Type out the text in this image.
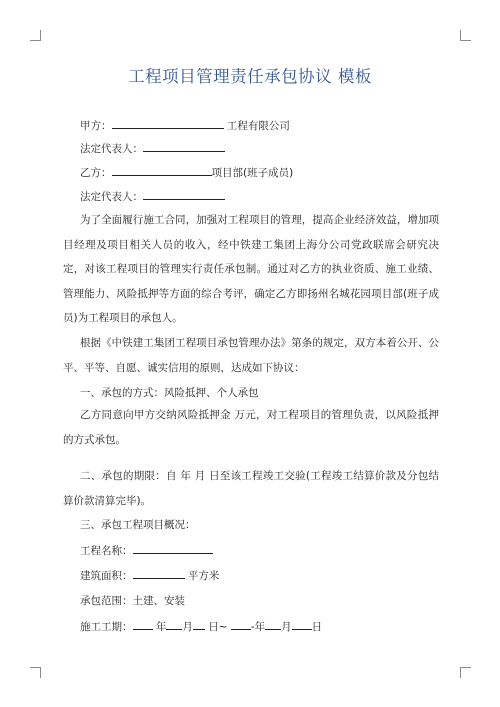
工程项目管理责任承包协议 模板
甲方：	工程有限公司
法定代表人：
乙方：	项目部(班子成员)
法定代表人：
为了全面履行施工合同，加强对工程项目的管理，提高企业经济效益，增加项目经理及项目相关人员的收入，经中铁建工集团上海分公司党政联席会研究决定，对该工程项目的管理实行责任承包制。通过对乙方的执业资质、施工业绩、管理能力、风险抵押等方面的综合考评，确定乙方即扬州名城花园项目部(班子成员)为工程项目的承包人。
根据《中铁建工集团工程项目承包管理办法》第条的规定，双方本着公开、公平、平等、自愿、诚实信用的原则，达成如下协议：
一、承包的方式：风险抵押、个人承包
乙方同意向甲方交纳风险抵押金 万元，对工程项目的管理负责，以风险抵押的方式承包。
二、承包的期限：自 年 月 日至该工程竣工交验(工程竣工结算价款及分包结算价款清算完毕)。
三、承包工程项目概况：
工程名称：
建筑面积：	平方米
承包范围：土建、安装
施工工期： 年 月 日~ -年 月 日
